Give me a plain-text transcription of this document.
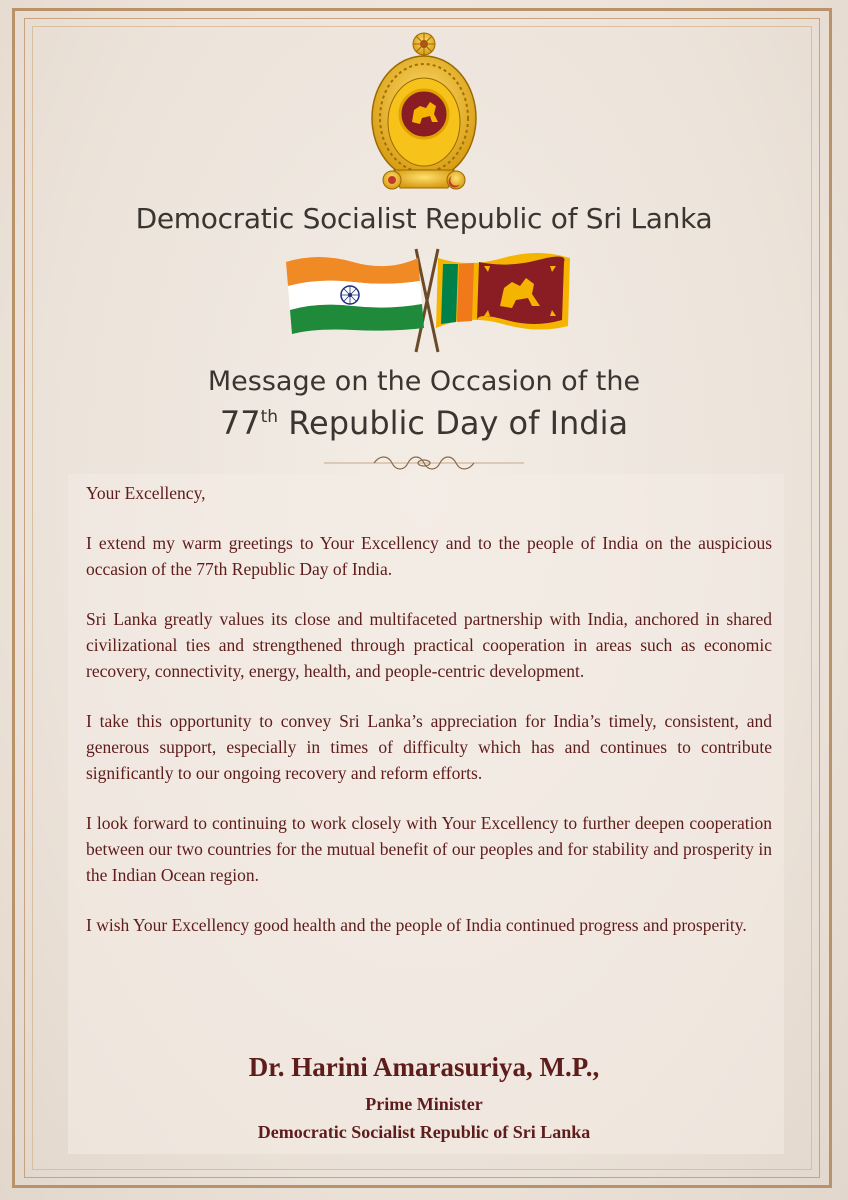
Democratic Socialist Republic of Sri Lanka
Message on the Occasion of the
77th Republic Day of India

Your Excellency,

I extend my warm greetings to Your Excellency and to the people of India on the auspicious occasion of the 77th Republic Day of India.

Sri Lanka greatly values its close and multifaceted partnership with India, anchored in shared civilizational ties and strengthened through practical cooperation in areas such as economic recovery, connectivity, energy, health, and people-centric development.

I take this opportunity to convey Sri Lanka’s appreciation for India’s timely, consistent, and generous support, especially in times of difficulty which has and continues to contribute significantly to our ongoing recovery and reform efforts.

I look forward to continuing to work closely with Your Excellency to further deepen cooperation between our two countries for the mutual benefit of our peoples and for stability and prosperity in the Indian Ocean region.

I wish Your Excellency good health and the people of India continued progress and prosperity.

Dr. Harini Amarasuriya, M.P.,
Prime Minister
Democratic Socialist Republic of Sri Lanka
